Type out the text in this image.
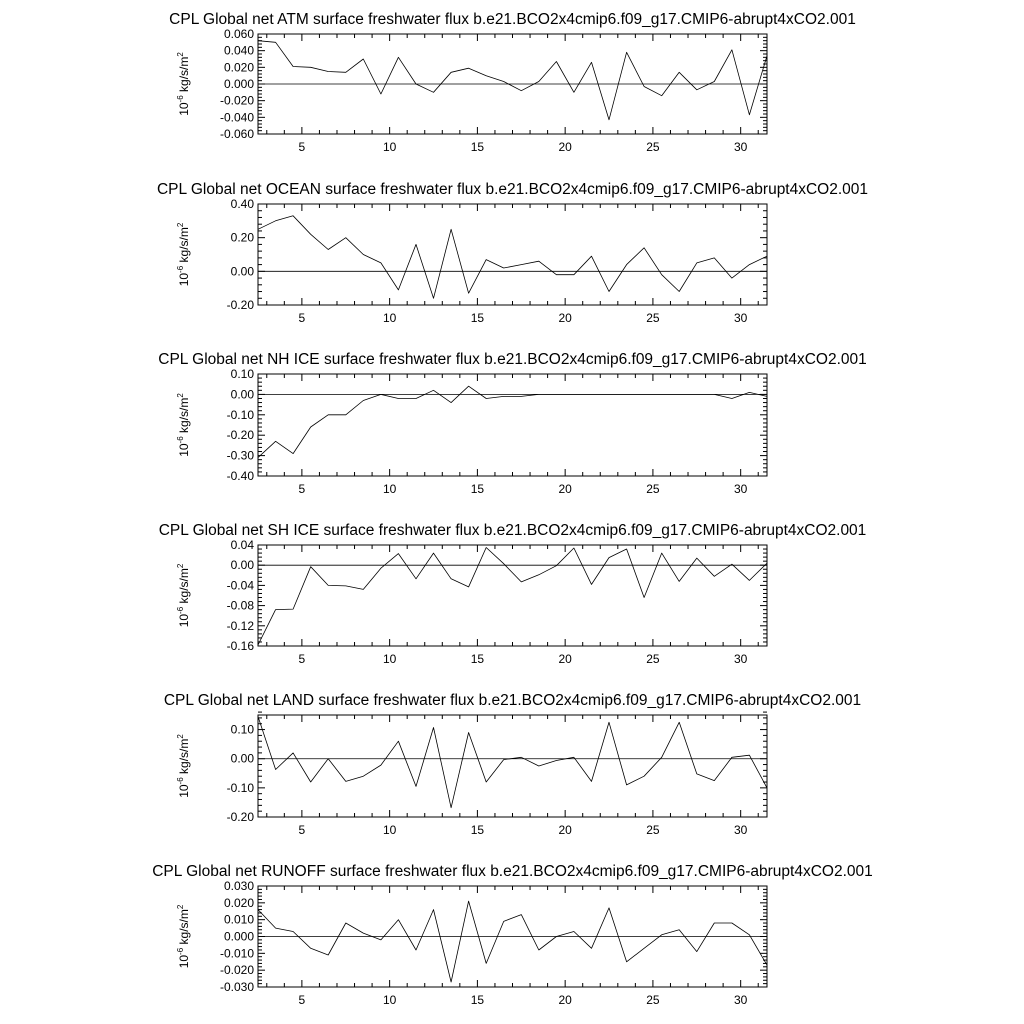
CPL Global net ATM surface freshwater flux b.e21.BCO2x4cmip6.f09_g17.CMIP6-abrupt4xCO2.001
5	10	15	20	25	30
0.060
0.040
0.020
0.000
-0.020
-0.040
-0.060
$10^{-6}$ $kg/s/m^2$
CPL Global net OCEAN surface freshwater flux b.e21.BCO2x4cmip6.f09_g17.CMIP6-abrupt4xCO2.001
5	10	15	20	25	30
0.40
0.20
0.00
-0.20
$10^{-6}$ $kg/s/m^2$
CPL Global net NH ICE surface freshwater flux b.e21.BCO2x4cmip6.f09_g17.CMIP6-abrupt4xCO2.001
5	10	15	20	25	30
0.10
0.00
-0.10
-0.20
-0.30
-0.40
$10^{-6}$ $kg/s/m^2$
CPL Global net SH ICE surface freshwater flux b.e21.BCO2x4cmip6.f09_g17.CMIP6-abrupt4xCO2.001
5	10	15	20	25	30
0.04
0.00
-0.04
-0.08
-0.12
-0.16
$10^{-6}$ $kg/s/m^2$
CPL Global net LAND surface freshwater flux b.e21.BCO2x4cmip6.f09_g17.CMIP6-abrupt4xCO2.001
5	10	15	20	25	30
0.10
0.00
-0.10
-0.20
$10^{-6}$ $kg/s/m^2$
CPL Global net RUNOFF surface freshwater flux b.e21.BCO2x4cmip6.f09_g17.CMIP6-abrupt4xCO2.001
5	10	15	20	25	30
0.030
0.020
0.010
0.000
-0.010
-0.020
-0.030
$10^{-6}$ $kg/s/m^2$
